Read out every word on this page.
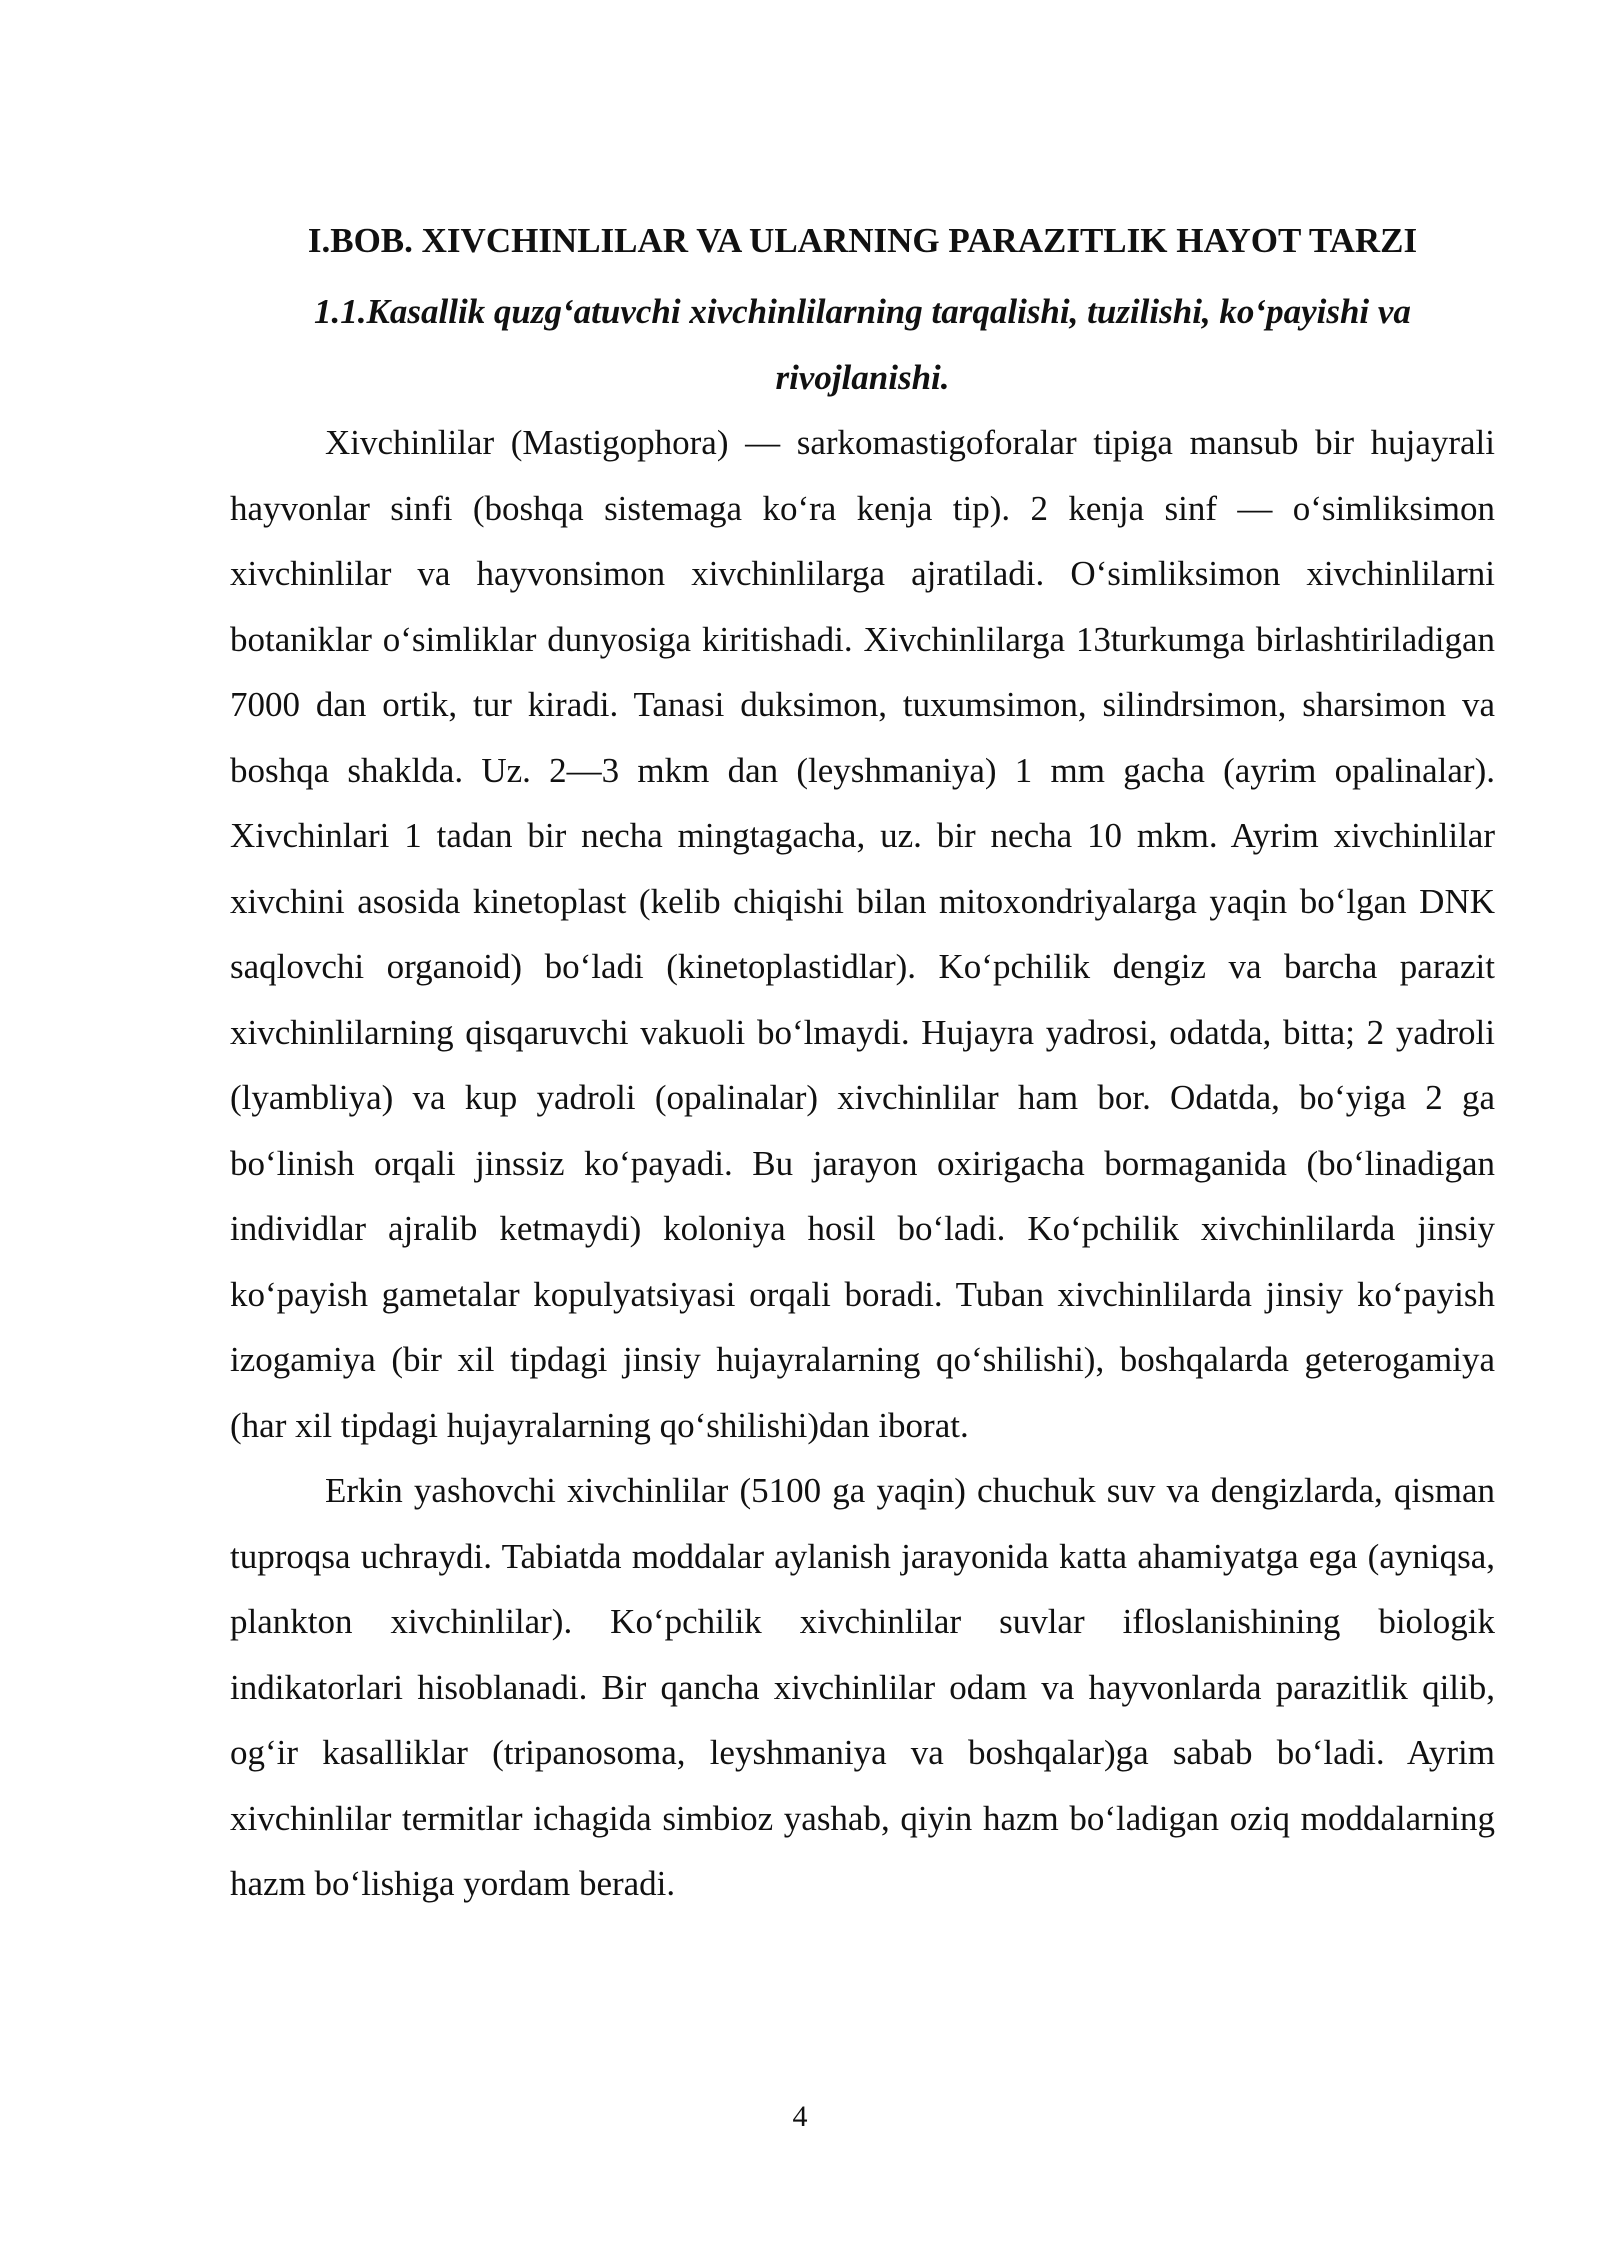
I.BOB. XIVCHINLILAR VA ULARNING PARAZITLIK HAYOT TARZI
1.1.Kasallik quzg‘atuvchi xivchinlilarning tarqalishi, tuzilishi, ko‘payishi va rivojlanishi.

Xivchinlilar (Mastigophora) — sarkomastigoforalar tipiga mansub bir hujayrali hayvonlar sinfi (boshqa sistemaga ko‘ra kenja tip). 2 kenja sinf — o‘simliksimon xivchinlilar va hayvonsimon xivchinlilarga ajratiladi. O‘simliksimon xivchinlilarni botaniklar o‘simliklar dunyosiga kiritishadi. Xivchinlilarga 13turkumga birlashtiriladigan 7000 dan ortik, tur kiradi. Tanasi duksimon, tuxumsimon, silindrsimon, sharsimon va boshqa shaklda. Uz. 2—3 mkm dan (leyshmaniya) 1 mm gacha (ayrim opalinalar). Xivchinlari 1 tadan bir necha mingtagacha, uz. bir necha 10 mkm. Ayrim xivchinlilar xivchini asosida kinetoplast (kelib chiqishi bilan mitoxondriyalarga yaqin bo‘lgan DNK saqlovchi organoid) bo‘ladi (kinetoplastidlar). Ko‘pchilik dengiz va barcha parazit xivchinlilarning qisqaruvchi vakuoli bo‘lmaydi. Hujayra yadrosi, odatda, bitta; 2 yadroli (lyambliya) va kup yadroli (opalinalar) xivchinlilar ham bor. Odatda, bo‘yiga 2 ga bo‘linish orqali jinssiz ko‘payadi. Bu jarayon oxirigacha bormaganida (bo‘linadigan individlar ajralib ketmaydi) koloniya hosil bo‘ladi. Ko‘pchilik xivchinlilarda jinsiy ko‘payish gametalar kopulyatsiyasi orqali boradi. Tuban xivchinlilarda jinsiy ko‘payish izogamiya (bir xil tipdagi jinsiy hujayralarning qo‘shilishi), boshqalarda geterogamiya (har xil tipdagi hujayralarning qo‘shilishi)dan iborat.

Erkin yashovchi xivchinlilar (5100 ga yaqin) chuchuk suv va dengizlarda, qisman tuproqsa uchraydi. Tabiatda moddalar aylanish jarayonida katta ahamiyatga ega (ayniqsa, plankton xivchinlilar). Ko‘pchilik xivchinlilar suvlar ifloslanishining biologik indikatorlari hisoblanadi. Bir qancha xivchinlilar odam va hayvonlarda parazitlik qilib, og‘ir kasalliklar (tripanosoma, leyshmaniya va boshqalar)ga sabab bo‘ladi. Ayrim xivchinlilar termitlar ichagida simbioz yashab, qiyin hazm bo‘ladigan oziq moddalarning hazm bo‘lishiga yordam beradi.

4
